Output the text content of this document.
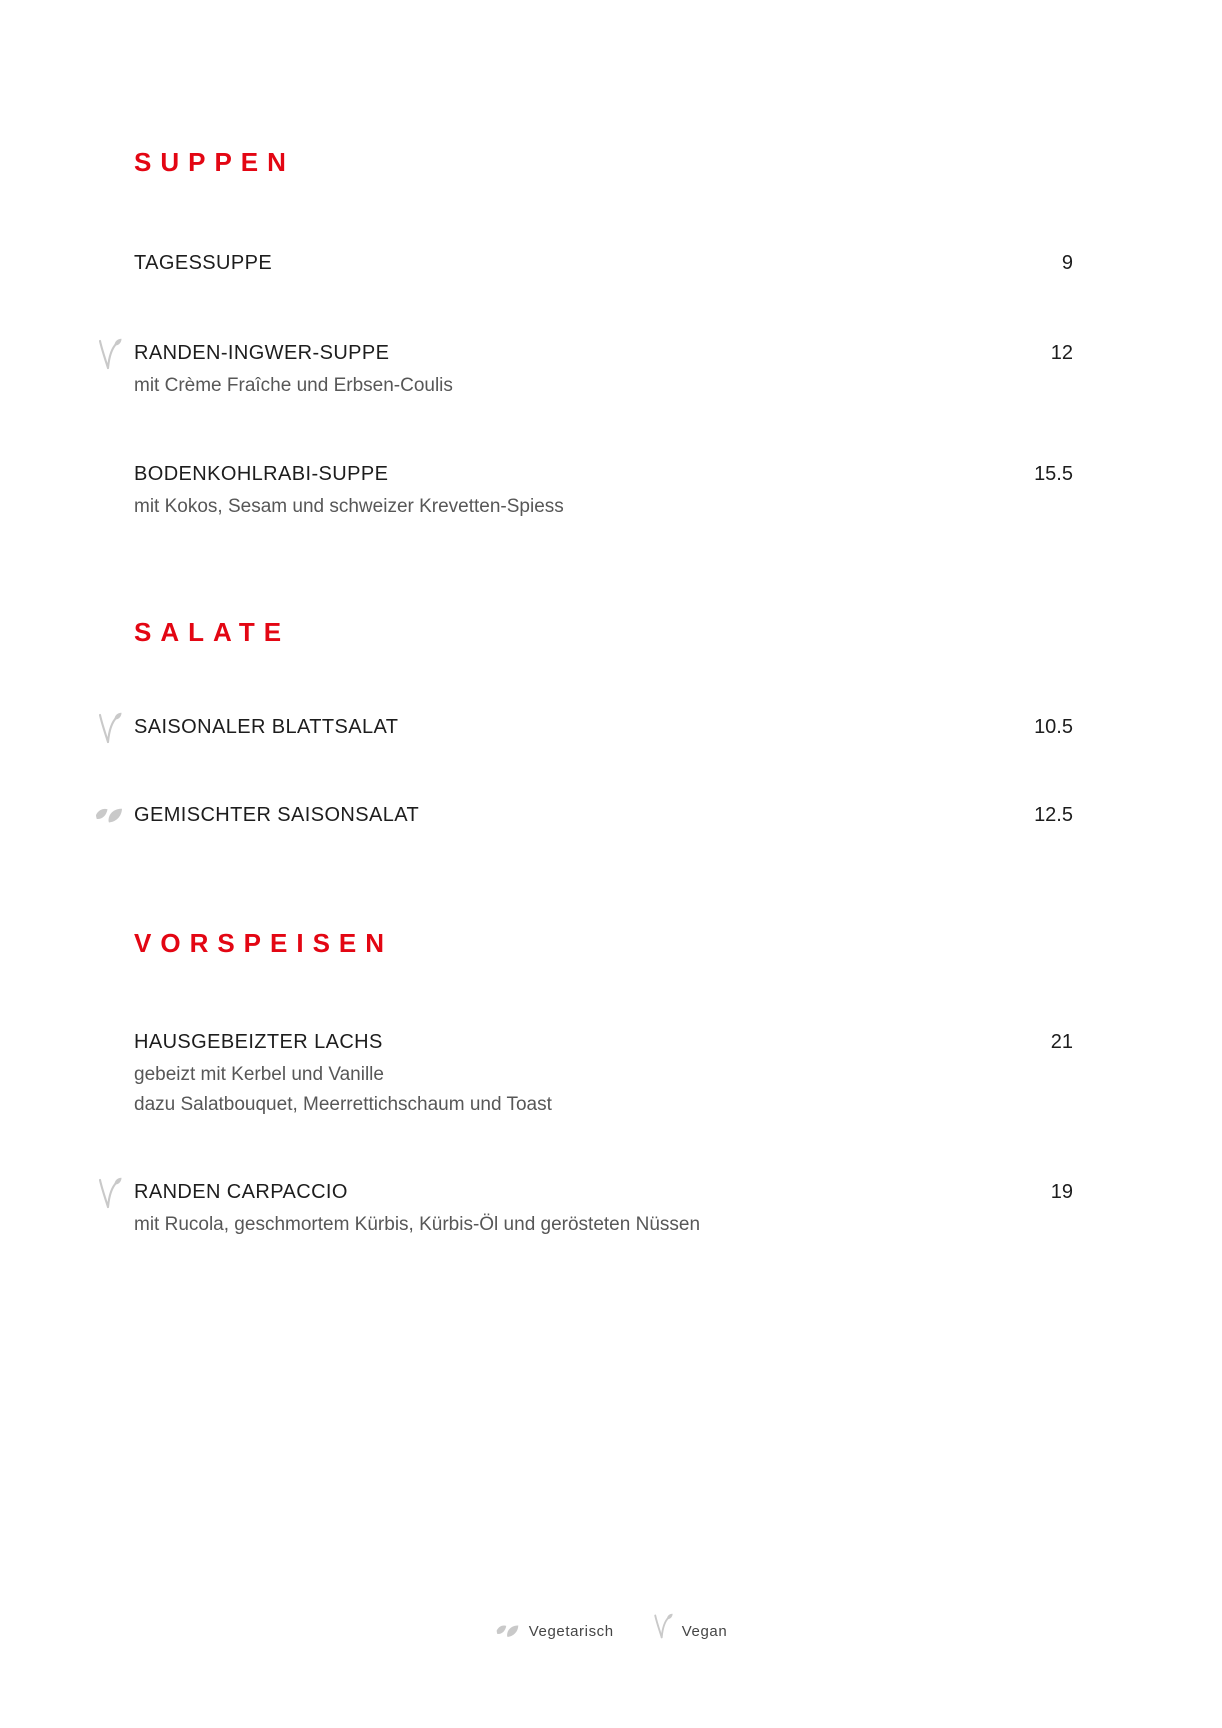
SUPPEN
TAGESSUPPE	9
RANDEN-INGWER-SUPPE	12
mit Crème Fraîche und Erbsen-Coulis
BODENKOHLRABI-SUPPE	15.5
mit Kokos, Sesam und schweizer Krevetten-Spiess
SALATE
SAISONALER BLATTSALAT	10.5
GEMISCHTER SAISONSALAT	12.5
VORSPEISEN
HAUSGEBEIZTER LACHS	21
gebeizt mit Kerbel und Vanille
dazu Salatbouquet, Meerrettichschaum und Toast
RANDEN CARPACCIO	19
mit Rucola, geschmortem Kürbis, Kürbis-Öl und gerösteten Nüssen
Vegetarisch	Vegan
